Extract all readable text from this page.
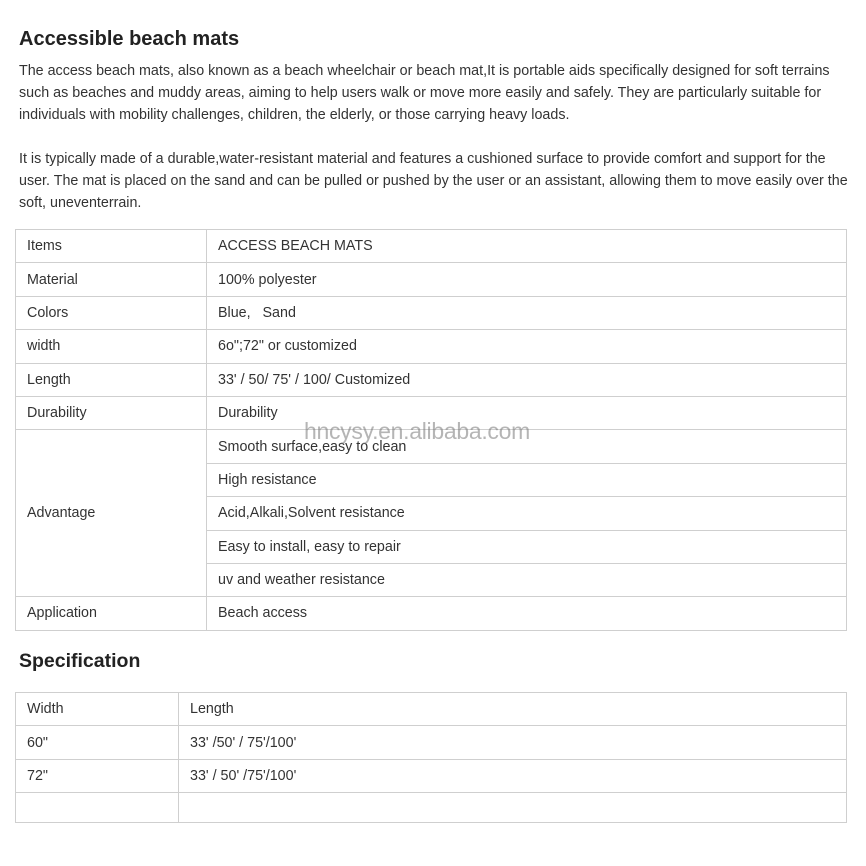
Accessible beach mats

The access beach mats, also known as a beach wheelchair or beach mat,It is portable aids specifically designed for soft terrains such as beaches and muddy areas, aiming to help users walk or move more easily and safely. They are particularly suitable for individuals with mobility challenges, children, the elderly, or those carrying heavy loads.

It is typically made of a durable,water-resistant material and features a cushioned surface to provide comfort and support for the user. The mat is placed on the sand and can be pulled or pushed by the user or an assistant, allowing them to move easily over the soft, uneventerrain.

Items	ACCESS BEACH MATS
Material	100% polyester
Colors	Blue,   Sand
width	6o";72" or customized
Length	33' / 50/ 75' / 100/ Customized
Durability	Durability
Advantage	Smooth surface,easy to clean
	High resistance
	Acid,Alkali,Solvent resistance
	Easy to install, easy to repair
	uv and weather resistance
Application	Beach access
hncysy.en.alibaba.com
Specification
Width	Length
60"	33' /50' / 75'/100'
72"	33' / 50' /75'/100'
